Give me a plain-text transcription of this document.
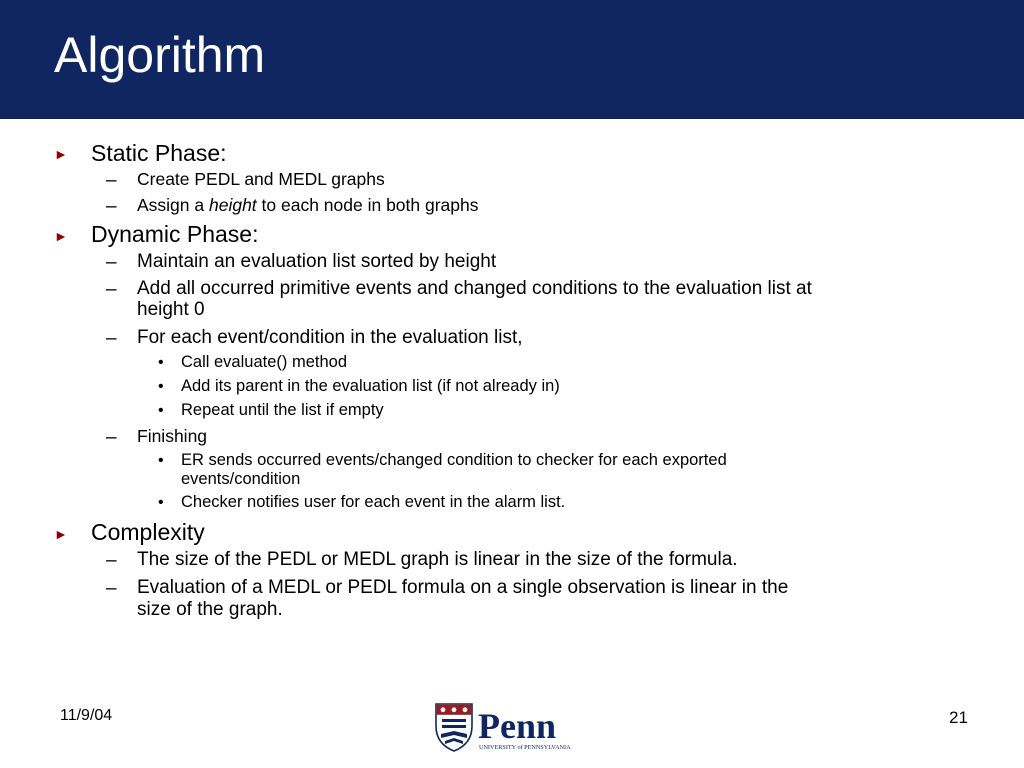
Algorithm
► Static Phase:
– Create PEDL and MEDL graphs
– Assign a height to each node in both graphs
► Dynamic Phase:
– Maintain an evaluation list sorted by height
– Add all occurred primitive events and changed conditions to the evaluation list at
height 0
– For each event/condition in the evaluation list,
• Call evaluate() method
• Add its parent in the evaluation list (if not already in)
• Repeat until the list if empty
– Finishing
• ER sends occurred events/changed condition to checker for each exported
events/condition
• Checker notifies user for each event in the alarm list.
► Complexity
– The size of the PEDL or MEDL graph is linear in the size of the formula.
– Evaluation of a MEDL or PEDL formula on a single observation is linear in the
size of the graph.
11/9/04	Penn
UNIVERSITY of PENNSYLVANIA
21
